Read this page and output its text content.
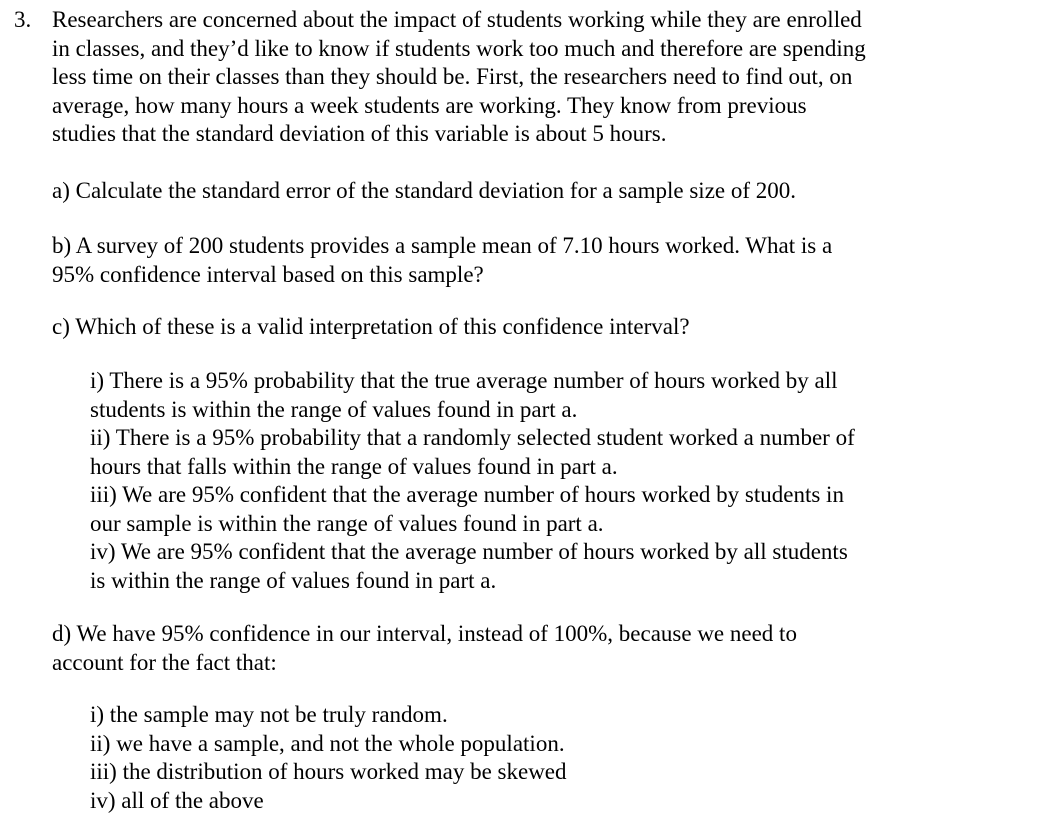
3. Researchers are concerned about the impact of students working while they are enrolled
in classes, and they’d like to know if students work too much and therefore are spending
less time on their classes than they should be. First, the researchers need to find out, on
average, how many hours a week students are working. They know from previous
studies that the standard deviation of this variable is about 5 hours.
a) Calculate the standard error of the standard deviation for a sample size of 200.
b) A survey of 200 students provides a sample mean of 7.10 hours worked. What is a
95% confidence interval based on this sample?
c) Which of these is a valid interpretation of this confidence interval?
i) There is a 95% probability that the true average number of hours worked by all
students is within the range of values found in part a.
ii) There is a 95% probability that a randomly selected student worked a number of
hours that falls within the range of values found in part a.
iii) We are 95% confident that the average number of hours worked by students in
our sample is within the range of values found in part a.
iv) We are 95% confident that the average number of hours worked by all students
is within the range of values found in part a.
d) We have 95% confidence in our interval, instead of 100%, because we need to
account for the fact that:
i) the sample may not be truly random.
ii) we have a sample, and not the whole population.
iii) the distribution of hours worked may be skewed
iv) all of the above
